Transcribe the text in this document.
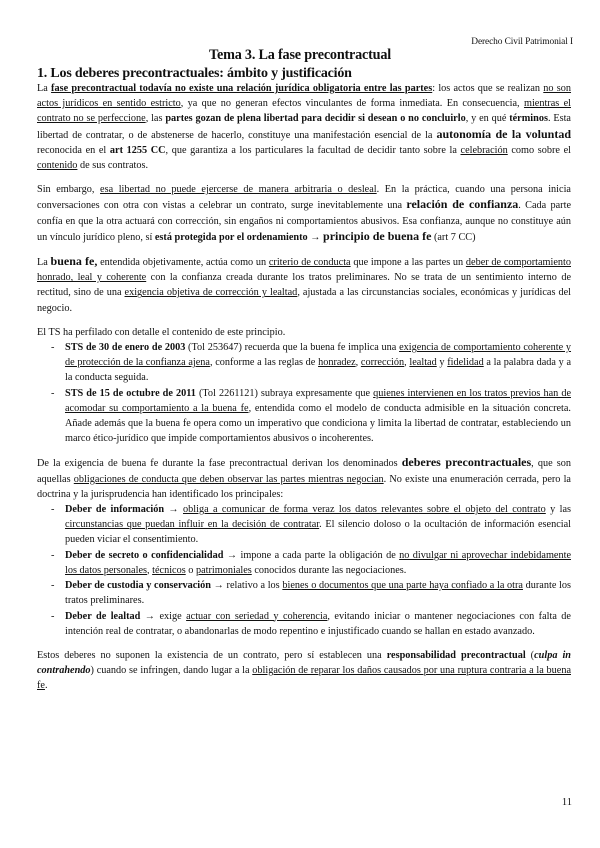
Derecho Civil Patrimonial I
Tema 3. La fase precontractual
1. Los deberes precontractuales: ámbito y justificación

La fase precontractual todavía no existe una relación jurídica obligatoria entre las partes: los actos que se realizan no son actos jurídicos en sentido estricto, ya que no generan efectos vinculantes de forma inmediata. En consecuencia, mientras el contrato no se perfeccione, las partes gozan de plena libertad para decidir si desean o no concluirlo, y en qué términos. Esta libertad de contratar, o de abstenerse de hacerlo, constituye una manifestación esencial de la autonomía de la voluntad reconocida en el art 1255 CC, que garantiza a los particulares la facultad de decidir tanto sobre la celebración como sobre el contenido de sus contratos.

Sin embargo, esa libertad no puede ejercerse de manera arbitraria o desleal. En la práctica, cuando una persona inicia conversaciones con otra con vistas a celebrar un contrato, surge inevitablemente una relación de confianza. Cada parte confía en que la otra actuará con corrección, sin engaños ni comportamientos abusivos. Esa confianza, aunque no constituye aún un vínculo jurídico pleno, sí está protegida por el ordenamiento → principio de buena fe (art 7 CC)

La buena fe, entendida objetivamente, actúa como un criterio de conducta que impone a las partes un deber de comportamiento honrado, leal y coherente con la confianza creada durante los tratos preliminares. No se trata de un sentimiento interno de rectitud, sino de una exigencia objetiva de corrección y lealtad, ajustada a las circunstancias sociales, económicas y jurídicas del negocio.

El TS ha perfilado con detalle el contenido de este principio.

- STS de 30 de enero de 2003 (Tol 253647) recuerda que la buena fe implica una exigencia de comportamiento coherente y de protección de la confianza ajena, conforme a las reglas de honradez, corrección, lealtad y fidelidad a la palabra dada y a la conducta seguida.
- STS de 15 de octubre de 2011 (Tol 2261121) subraya expresamente que quienes intervienen en los tratos previos han de acomodar su comportamiento a la buena fe, entendida como el modelo de conducta admisible en la situación concreta. Añade además que la buena fe opera como un imperativo que condiciona y limita la libertad de contratar, estableciendo un marco ético-jurídico que impide comportamientos abusivos o incoherentes.

De la exigencia de buena fe durante la fase precontractual derivan los denominados deberes precontractuales, que son aquellas obligaciones de conducta que deben observar las partes mientras negocian. No existe una enumeración cerrada, pero la doctrina y la jurisprudencia han identificado los principales:

- Deber de información → obliga a comunicar de forma veraz los datos relevantes sobre el objeto del contrato y las circunstancias que puedan influir en la decisión de contratar. El silencio doloso o la ocultación de información esencial pueden viciar el consentimiento.
- Deber de secreto o confidencialidad → impone a cada parte la obligación de no divulgar ni aprovechar indebidamente los datos personales, técnicos o patrimoniales conocidos durante las negociaciones.
- Deber de custodia y conservación → relativo a los bienes o documentos que una parte haya confiado a la otra durante los tratos preliminares.
- Deber de lealtad → exige actuar con seriedad y coherencia, evitando iniciar o mantener negociaciones con falta de intención real de contratar, o abandonarlas de modo repentino e injustificado cuando se hallan en estado avanzado.

Estos deberes no suponen la existencia de un contrato, pero sí establecen una responsabilidad precontractual (culpa in contrahendo) cuando se infringen, dando lugar a la obligación de reparar los daños causados por una ruptura contraria a la buena fe.

11
